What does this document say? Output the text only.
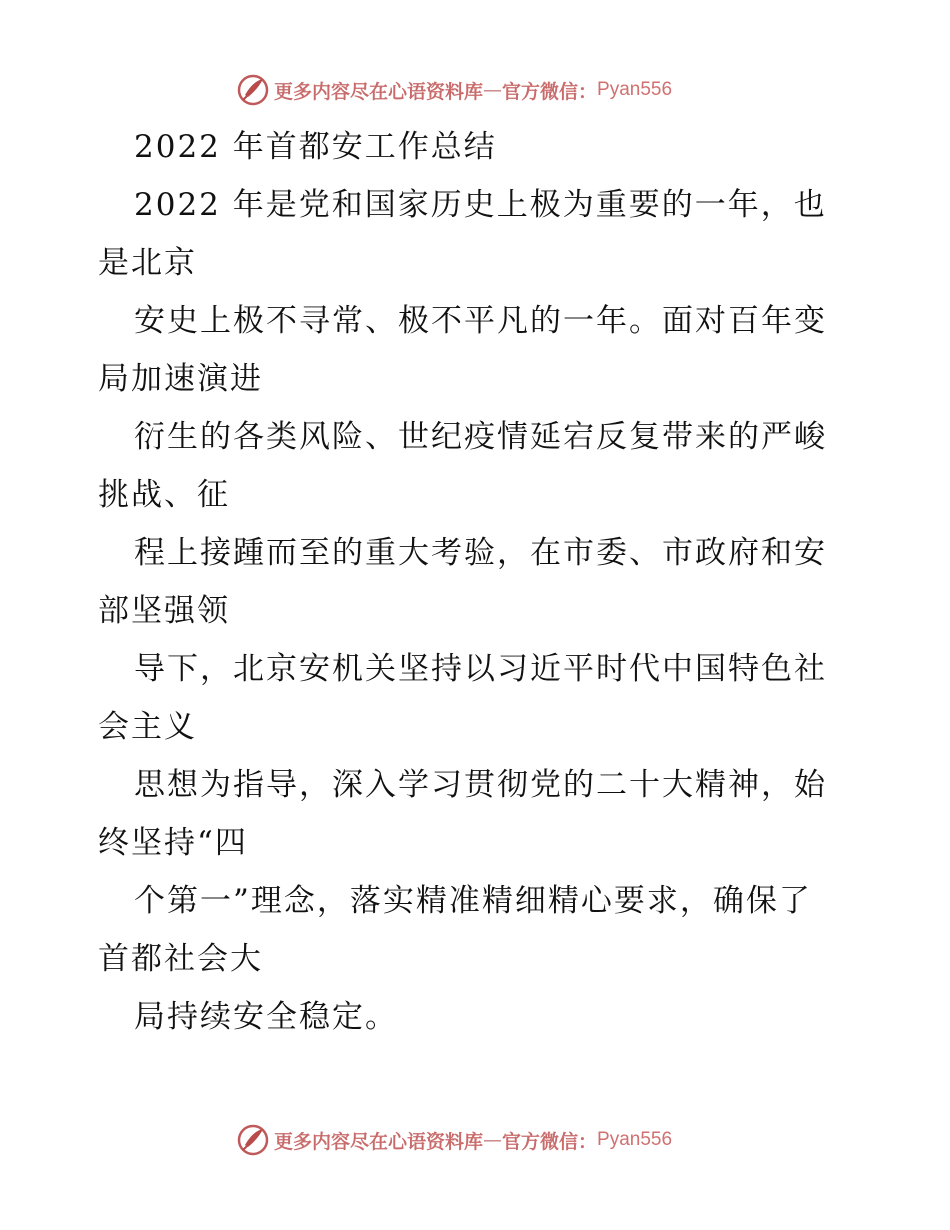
更多内容尽在心语资料库 — 官方微信： Pyan556
2022 年首都安工作总结
2022 年是党和国家历史上极为重要的一年，也
是北京
安史上极不寻常、极不平凡的一年。面对百年变
局加速演进
衍生的各类风险、世纪疫情延宕反复带来的严峻
挑战、征
程上接踵而至的重大考验，在市委、市政府和安
部坚强领
导下，北京安机关坚持以习近平时代中国特色社
会主义
思想为指导，深入学习贯彻党的二十大精神，始
终坚持“四
个第一”理念，落实精准精细精心要求，确保了
首都社会大
局持续安全稳定。
更多内容尽在心语资料库 — 官方微信： Pyan556
